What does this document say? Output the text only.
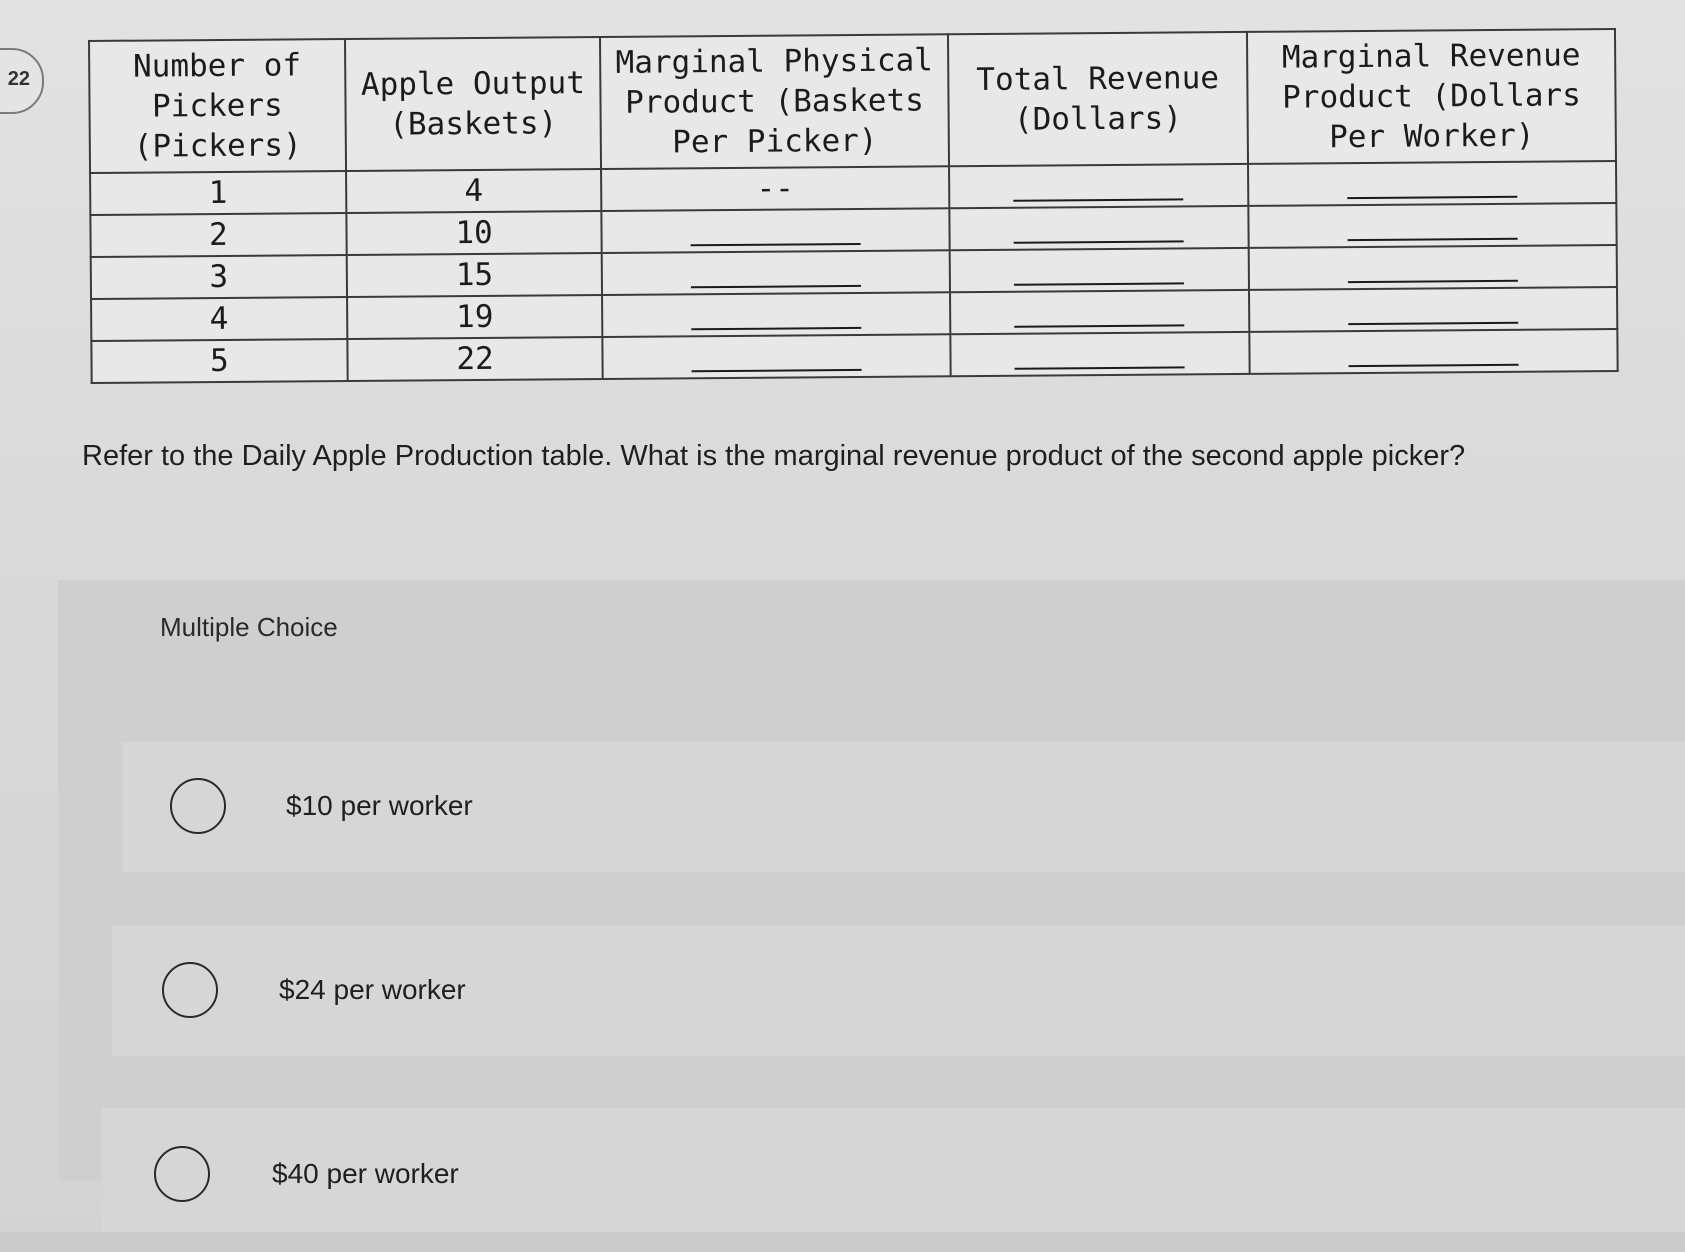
22	Number of Pickers (Pickers)	Apple Output (Baskets)	Marginal Physical Product (Baskets Per Picker)	Total Revenue (Dollars)	Marginal Revenue Product (Dollars Per Worker)
1	4	--		
2	10			
3	15			
4	19			
5	22			
Refer to the Daily Apple Production table. What is the marginal revenue product of the second apple picker?
Multiple Choice
$10 per worker
$24 per worker
$40 per worker
